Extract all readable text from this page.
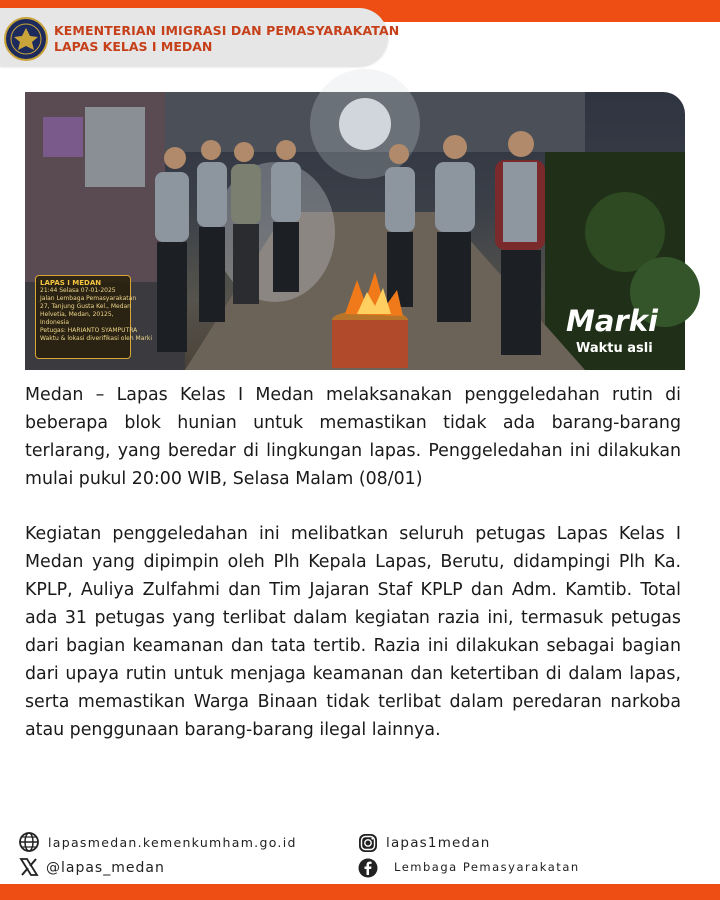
KEMENTERIAN IMIGRASI DAN PEMASYARAKATAN
LAPAS KELAS I MEDAN
LAPAS I MEDAN
21:44 Selasa 07-01-2025
Jalan Lembaga Pemasyarakatan
27, Tanjung Gusta Kel., Medan
Helvetia, Medan, 20125,
Indonesia
Petugas: HARIANTO SYAMPUTRA
Waktu & lokasi diverifikasi oleh Marki
Marki
Waktu asli
Medan – Lapas Kelas I Medan melaksanakan penggeledahan rutin di beberapa blok hunian untuk memastikan tidak ada barang-barang terlarang, yang beredar di lingkungan lapas. Penggeledahan ini dilakukan mulai pukul 20:00 WIB, Selasa Malam (08/01)
Kegiatan penggeledahan ini melibatkan seluruh petugas Lapas Kelas I Medan yang dipimpin oleh Plh Kepala Lapas, Berutu, didampingi Plh Ka. KPLP, Auliya Zulfahmi dan Tim Jajaran Staf KPLP dan Adm. Kamtib. Total ada 31 petugas yang terlibat dalam kegiatan razia ini, termasuk petugas dari bagian keamanan dan tata tertib. Razia ini dilakukan sebagai bagian dari upaya rutin untuk menjaga keamanan dan ketertiban di dalam lapas, serta memastikan Warga Binaan tidak terlibat dalam peredaran narkoba atau penggunaan barang-barang ilegal lainnya.
lapasmedan.kemenkumham.go.id
@lapas_medan
lapas1medan
Lembaga Pemasyarakatan
